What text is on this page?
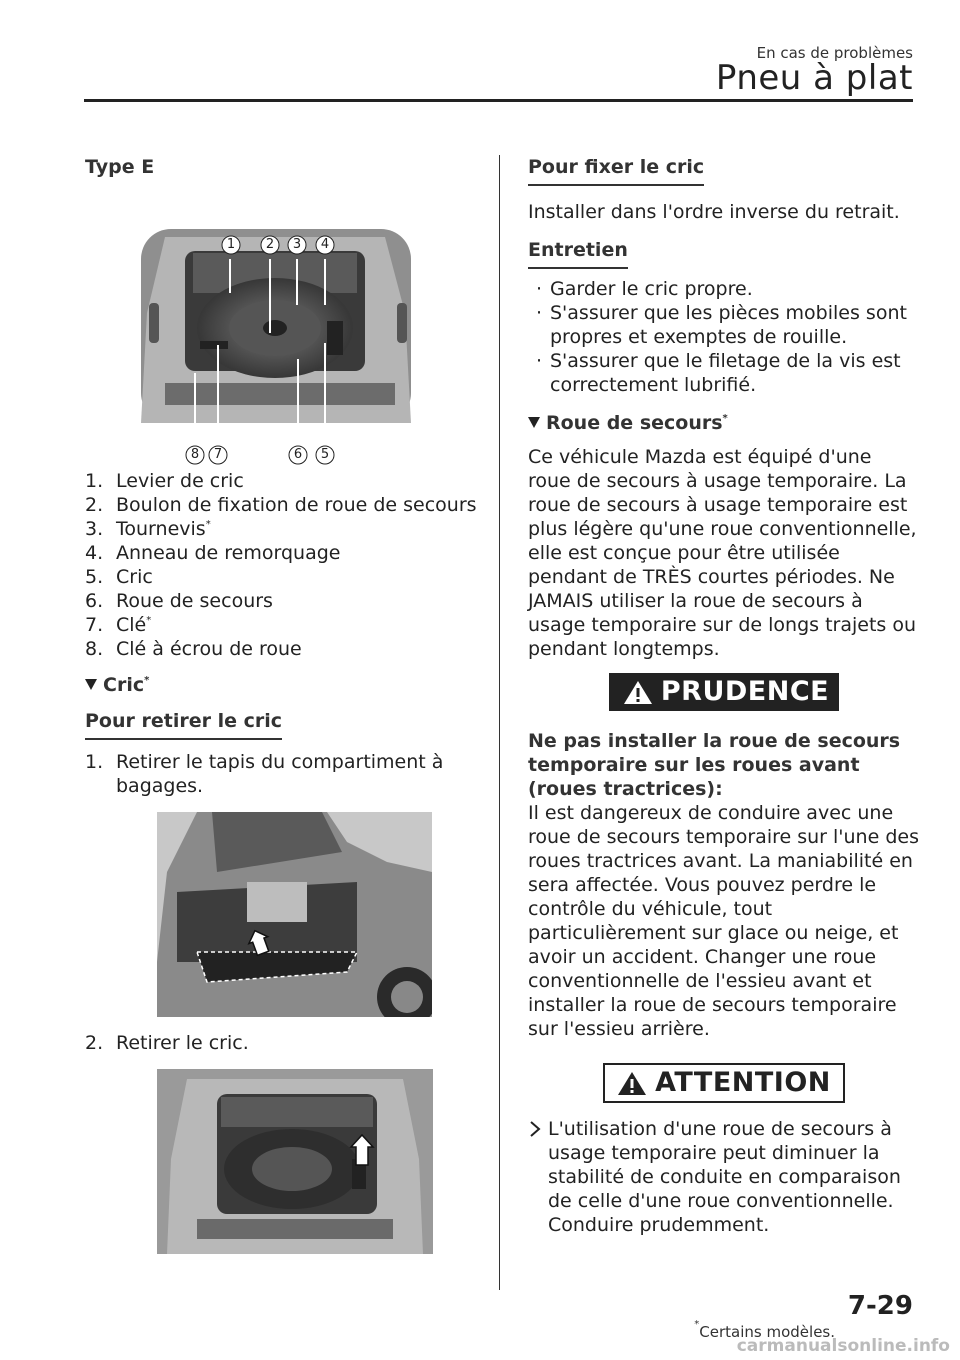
En cas de problèmes
Pneu à plat
Type E
1	2	3	4
8	7	6	5
1. Levier de cric
2. Boulon de fixation de roue de secours
3. Tournevis*
4. Anneau de remorquage
5. Cric
6. Roue de secours
7. Clé*
8. Clé à écrou de roue
Cric*
Pour retirer le cric
1. Retirer le tapis du compartiment à bagages.
2. Retirer le cric.
Pour fixer le cric
Installer dans l'ordre inverse du retrait.
Entretien
· Garder le cric propre.
· S'assurer que les pièces mobiles sont propres et exemptes de rouille.
· S'assurer que le filetage de la vis est correctement lubrifié.
Roue de secours*
Ce véhicule Mazda est équipé d'une roue de secours à usage temporaire. La roue de secours à usage temporaire est plus légère qu'une roue conventionnelle, elle est conçue pour être utilisée pendant de TRÈS courtes périodes. Ne JAMAIS utiliser la roue de secours à usage temporaire sur de longs trajets ou pendant longtemps.
PRUDENCE
Ne pas installer la roue de secours temporaire sur les roues avant (roues tractrices):
Il est dangereux de conduire avec une roue de secours temporaire sur l'une des roues tractrices avant. La maniabilité en sera affectée. Vous pouvez perdre le contrôle du véhicule, tout particulièrement sur glace ou neige, et avoir un accident. Changer une roue conventionnelle de l'essieu avant et installer la roue de secours temporaire sur l'essieu arrière.
ATTENTION
L'utilisation d'une roue de secours à usage temporaire peut diminuer la stabilité de conduite en comparaison de celle d'une roue conventionnelle. Conduire prudemment.
*Certains modèles.
7-29
carmanualsonline.info
